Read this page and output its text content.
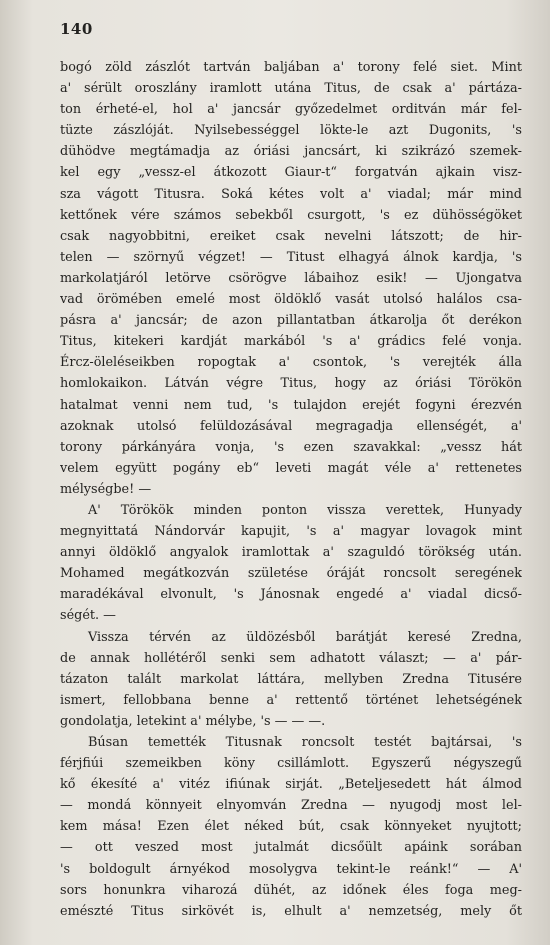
140
bogó zöld zászlót tartván baljában a' torony felé siet. Mint
a' sérült oroszlány iramlott utána Titus, de csak a' pártáza-
ton érheté-el, hol a' jancsár győzedelmet orditván már fel-
tüzte zászlóját. Nyilsebességgel lökte-le azt Dugonits, 's
dühödve megtámadja az óriási jancsárt, ki szikrázó szemek-
kel egy „vessz-el átkozott Giaur-t“ forgatván ajkain visz-
sza vágott Titusra. Soká kétes volt a' viadal; már mind
kettőnek vére számos sebekből csurgott, 's ez dühösségöket
csak nagyobbitni, ereiket csak nevelni látszott; de hir-
telen — szörnyű végzet! — Titust elhagyá álnok kardja, 's
markolatjáról letörve csörögve lábaihoz esik! — Ujongatva
vad örömében emelé most öldöklő vasát utolsó halálos csa-
pásra a' jancsár; de azon pillantatban átkarolja őt derékon
Titus, kitekeri kardját markából 's a' grádics felé vonja.
Ércz-öleléseikben ropogtak a' csontok, 's verejték álla
homlokaikon. Látván végre Titus, hogy az óriási Törökön
hatalmat venni nem tud, 's tulajdon erejét fogyni érezvén
azoknak utolsó felüldozásával megragadja ellenségét, a'
torony párkányára vonja, 's ezen szavakkal: „vessz hát
velem együtt pogány eb“ leveti magát véle a' rettenetes
mélységbe! —
A' Törökök minden ponton vissza verettek, Hunyady
megnyittatá Nándorvár kapujit, 's a' magyar lovagok mint
annyi öldöklő angyalok iramlottak a' szaguldó törökség után.
Mohamed megátkozván születése óráját roncsolt seregének
maradékával elvonult, 's Jánosnak engedé a' viadal dicső-
ségét. —
Vissza térvén az üldözésből barátját keresé Zredna,
de annak hollétéről senki sem adhatott választ; — a' pár-
tázaton talált markolat láttára, mellyben Zredna Titusére
ismert, fellobbana benne a' rettentő történet lehetségének
gondolatja, letekint a' mélybe, 's — — —.
Búsan temették Titusnak roncsolt testét bajtársai, 's
férjfiúi szemeikben köny csillámlott. Egyszerű négyszegű
kő ékesíté a' vitéz ifiúnak sirját. „Beteljesedett hát álmod
— mondá könnyeit elnyomván Zredna — nyugodj most lel-
kem mása! Ezen élet néked bút, csak könnyeket nyujtott;
— ott veszed most jutalmát dicsőült apáink sorában
's boldogult árnyékod mosolygva tekint-le reánk!“ — A'
sors honunkra viharozá dühét, az időnek éles foga meg-
emészté Titus sirkövét is, elhult a' nemzetség, mely őt
